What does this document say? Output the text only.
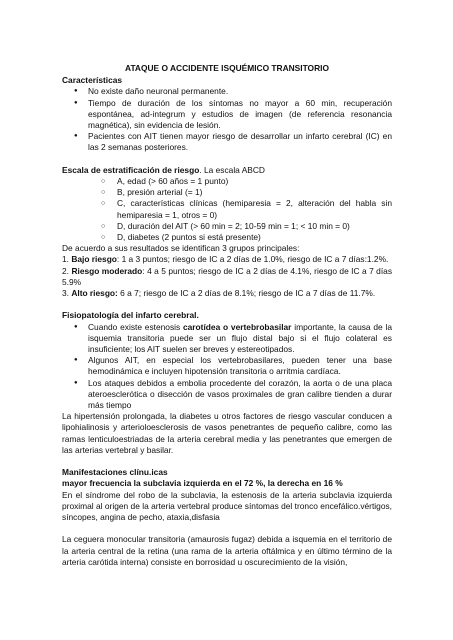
ATAQUE O ACCIDENTE ISQUÉMICO TRANSITORIO

Características

● No existe daño neuronal permanente.
● Tiempo de duración de los síntomas no mayor a 60 min, recuperación espontánea, ad-integrum y estudios de imagen (de referencia resonancia magnética), sin evidencia de lesión.
● Pacientes con AIT tienen mayor riesgo de desarrollar un infarto cerebral (IC) en las 2 semanas posteriores.

Escala de estratificación de riesgo. La escala ABCD

○ A, edad (> 60 años = 1 punto)
○ B, presión arterial (= 1)
○ C, características clínicas (hemiparesia = 2, alteración del habla sin hemiparesia = 1, otros = 0)
○ D, duración del AIT (> 60 min = 2; 10-59 min = 1; < 10 min = 0)
○ D, diabetes (2 puntos si está presente)

De acuerdo a sus resultados se identifican 3 grupos principales:

1. Bajo riesgo: 1 a 3 puntos; riesgo de IC a 2 días de 1.0%, riesgo de IC a 7 días:1.2%.

2. Riesgo moderado: 4 a 5 puntos; riesgo de IC a 2 días de 4.1%, riesgo de IC a 7 días 5.9%

3. Alto riesgo: 6 a 7; riesgo de IC a 2 días de 8.1%; riesgo de IC a 7 días de 11.7%.

Fisiopatología del infarto cerebral.

● Cuando existe estenosis carotídea o vertebrobasilar importante, la causa de la isquemia transitoria puede ser un flujo distal bajo si el flujo colateral es insuficiente; los AIT suelen ser breves y estereotipados.
● Algunos AIT, en especial los vertebrobasilares, pueden tener una base hemodinámica e incluyen hipotensión transitoria o arritmia cardíaca.
● Los ataques debidos a embolia procedente del corazón, la aorta o de una placa ateroesclerótica o disección de vasos proximales de gran calibre tienden a durar más tiempo

La hipertensión prolongada, la diabetes u otros factores de riesgo vascular conducen a lipohialinosis y arterioloesclerosis de vasos penetrantes de pequeño calibre, como las ramas lenticuloestriadas de la arteria cerebral media y las penetrantes que emergen de las arterias vertebral y basilar.

Manifestaciones clínu.icas

mayor frecuencia la subclavia izquierda en el 72 %, la derecha en 16 %

En el síndrome del robo de la subclavia, la estenosis de la arteria subclavia izquierda proximal al origen de la arteria vertebral produce síntomas del tronco encefálico.vértigos, síncopes, angina de pecho, ataxia,disfasia

La ceguera monocular transitoria (amaurosis fugaz) debida a isquemia en el territorio de la arteria central de la retina (una rama de la arteria oftálmica y en último término de la arteria carótida interna) consiste en borrosidad u oscurecimiento de la visión,
